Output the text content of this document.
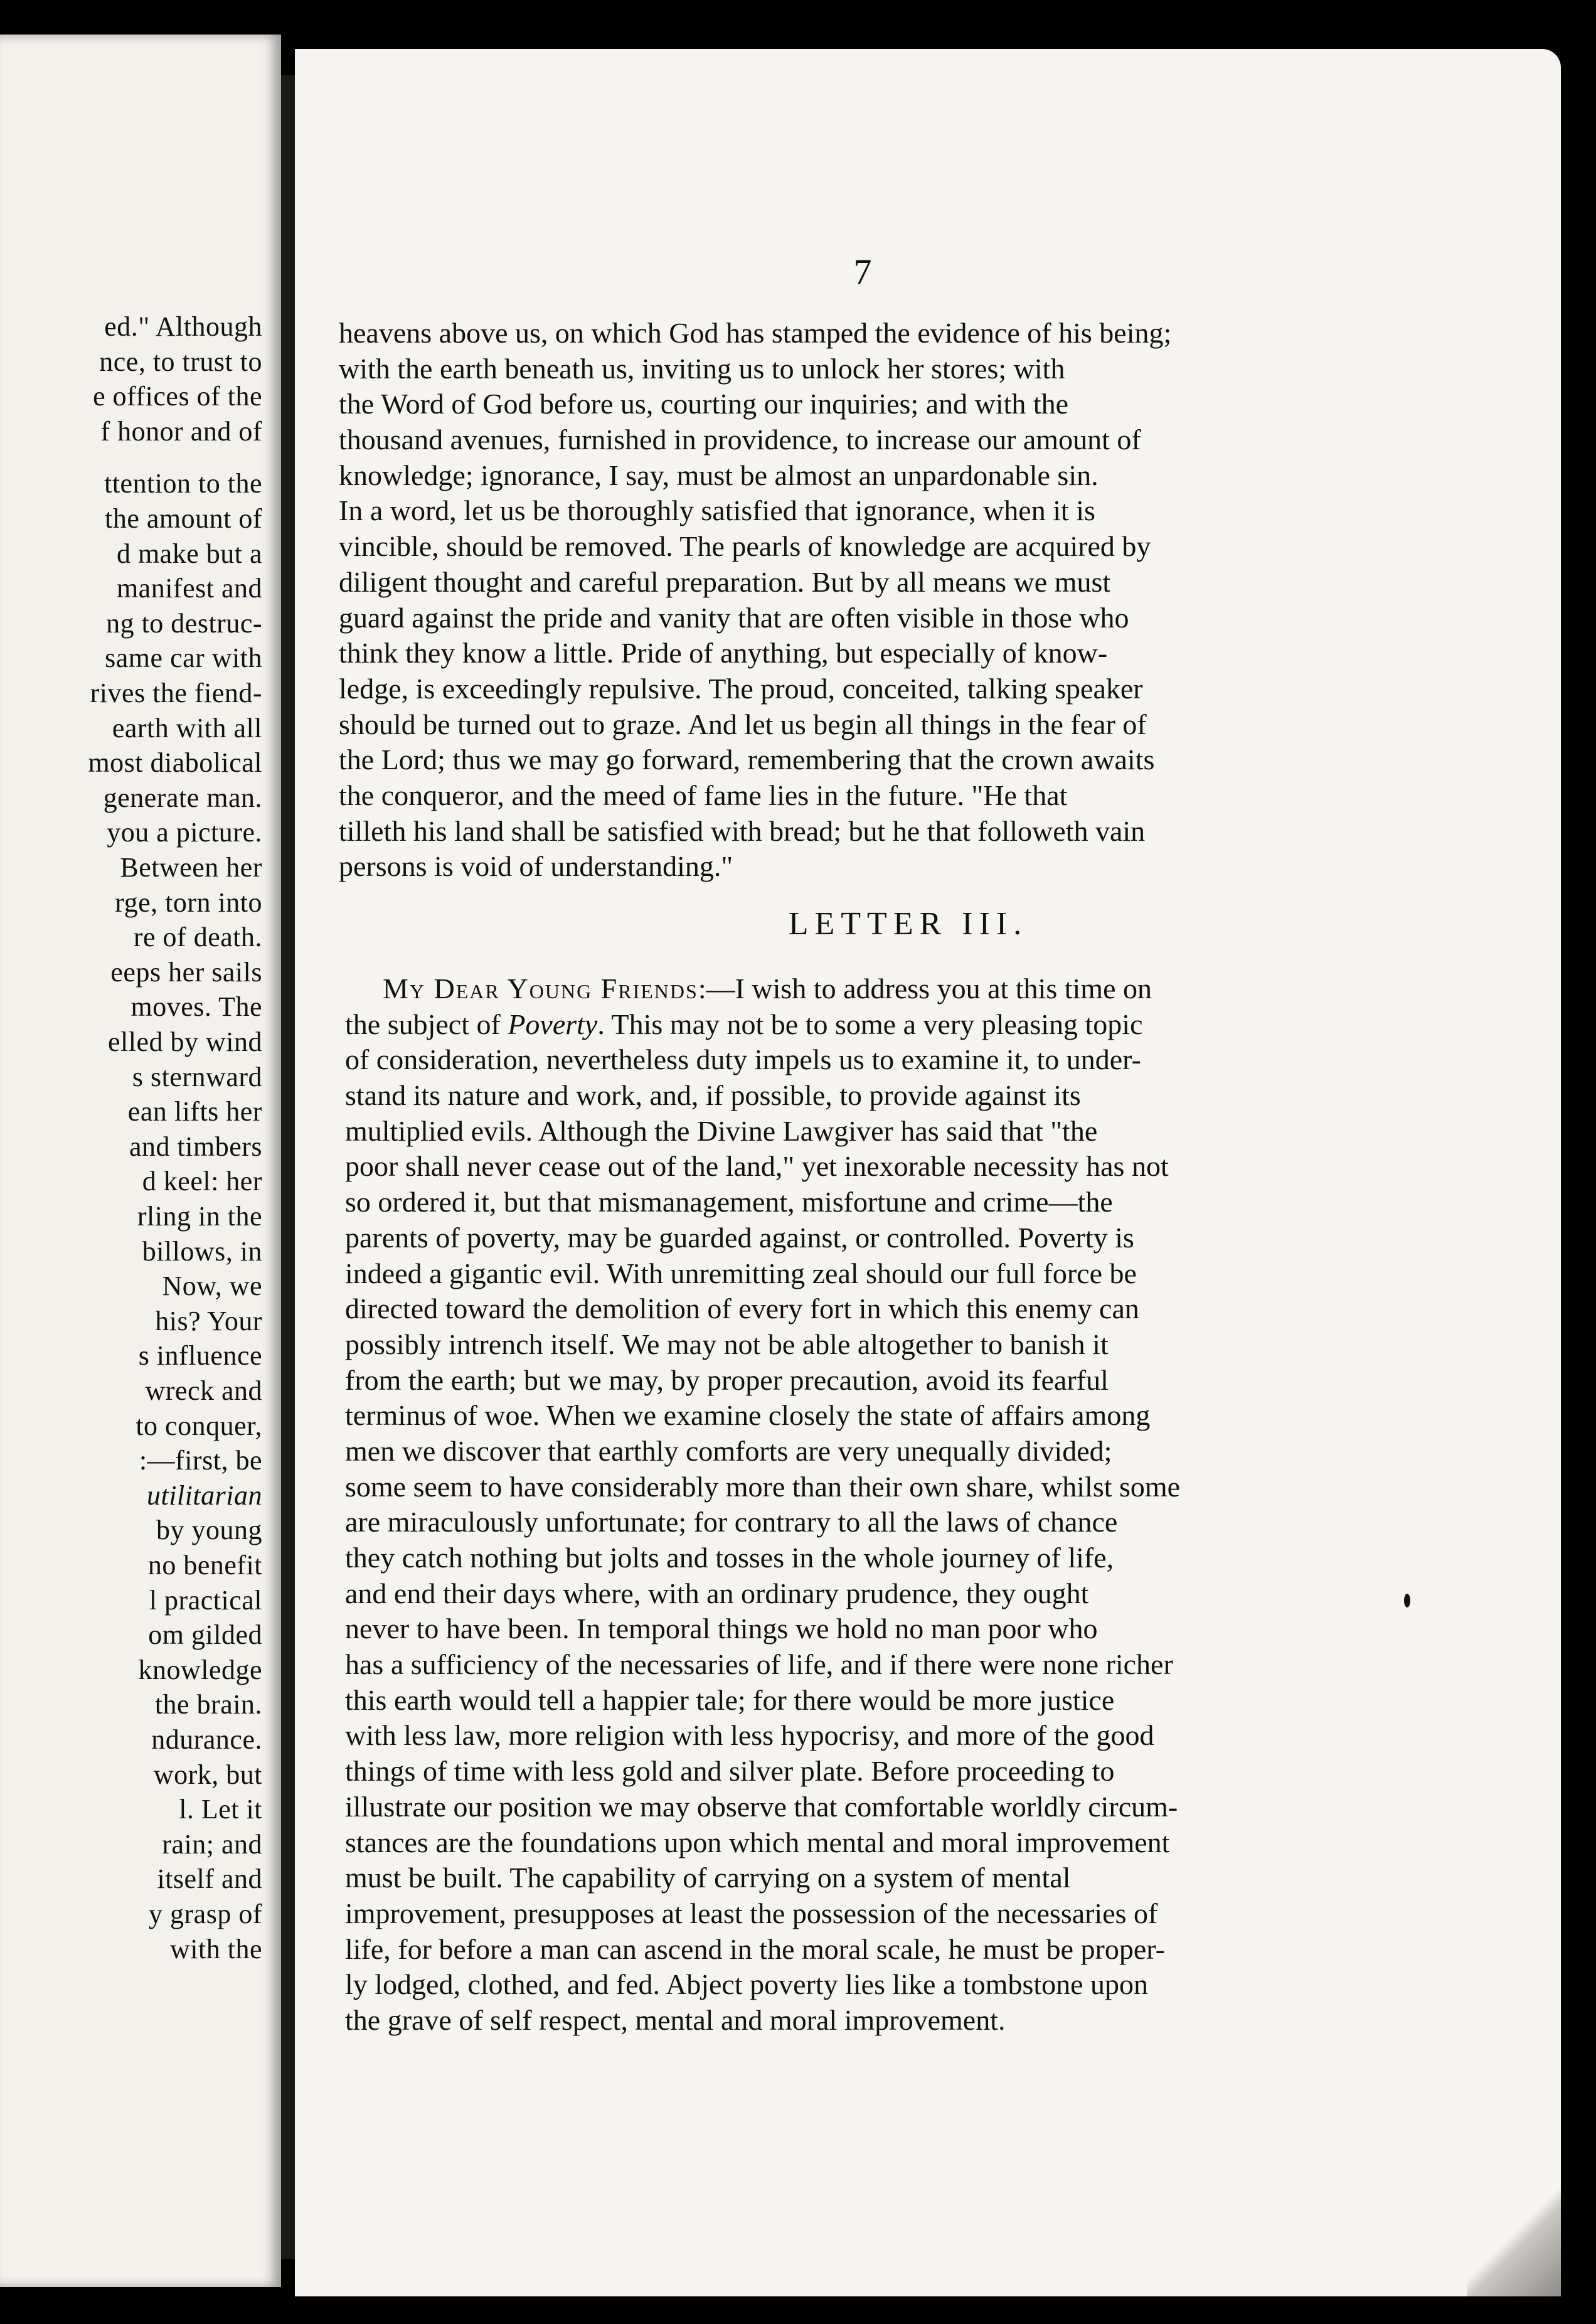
ed." Although
nce, to trust to
e offices of the
f honor and of
ttention to the
the amount of
d make but a
manifest and
ng to destruc-
same car with
rives the fiend-
earth with all
most diabolical
generate man.
you a picture.
Between her
rge, torn into
re of death.
eeps her sails
moves. The
elled by wind
s sternward
ean lifts her
and timbers
d keel: her
rling in the
billows, in
Now, we
his? Your
s influence
wreck and
to conquer,
:—first, be
utilitarian
by young
no benefit
l practical
om gilded
knowledge
the brain.
ndurance.
work, but
l. Let it
rain; and
itself and
y grasp of
with the
7
heavens above us, on which God has stamped the evidence of his being;
with the earth beneath us, inviting us to unlock her stores; with
the Word of God before us, courting our inquiries; and with the
thousand avenues, furnished in providence, to increase our amount of
knowledge; ignorance, I say, must be almost an unpardonable sin.
In a word, let us be thoroughly satisfied that ignorance, when it is
vincible, should be removed. The pearls of knowledge are acquired by
diligent thought and careful preparation. But by all means we must
guard against the pride and vanity that are often visible in those who
think they know a little. Pride of anything, but especially of know-
ledge, is exceedingly repulsive. The proud, conceited, talking speaker
should be turned out to graze. And let us begin all things in the fear of
the Lord; thus we may go forward, remembering that the crown awaits
the conqueror, and the meed of fame lies in the future. "He that
tilleth his land shall be satisfied with bread; but he that followeth vain
persons is void of understanding."
LETTER III.
My Dear Young Friends:—I wish to address you at this time on
the subject of Poverty. This may not be to some a very pleasing topic
of consideration, nevertheless duty impels us to examine it, to under-
stand its nature and work, and, if possible, to provide against its
multiplied evils. Although the Divine Lawgiver has said that "the
poor shall never cease out of the land," yet inexorable necessity has not
so ordered it, but that mismanagement, misfortune and crime—the
parents of poverty, may be guarded against, or controlled. Poverty is
indeed a gigantic evil. With unremitting zeal should our full force be
directed toward the demolition of every fort in which this enemy can
possibly intrench itself. We may not be able altogether to banish it
from the earth; but we may, by proper precaution, avoid its fearful
terminus of woe. When we examine closely the state of affairs among
men we discover that earthly comforts are very unequally divided;
some seem to have considerably more than their own share, whilst some
are miraculously unfortunate; for contrary to all the laws of chance
they catch nothing but jolts and tosses in the whole journey of life,
and end their days where, with an ordinary prudence, they ought
never to have been. In temporal things we hold no man poor who
has a sufficiency of the necessaries of life, and if there were none richer
this earth would tell a happier tale; for there would be more justice
with less law, more religion with less hypocrisy, and more of the good
things of time with less gold and silver plate. Before proceeding to
illustrate our position we may observe that comfortable worldly circum-
stances are the foundations upon which mental and moral improvement
must be built. The capability of carrying on a system of mental
improvement, presupposes at least the possession of the necessaries of
life, for before a man can ascend in the moral scale, he must be proper-
ly lodged, clothed, and fed. Abject poverty lies like a tombstone upon
the grave of self respect, mental and moral improvement.
